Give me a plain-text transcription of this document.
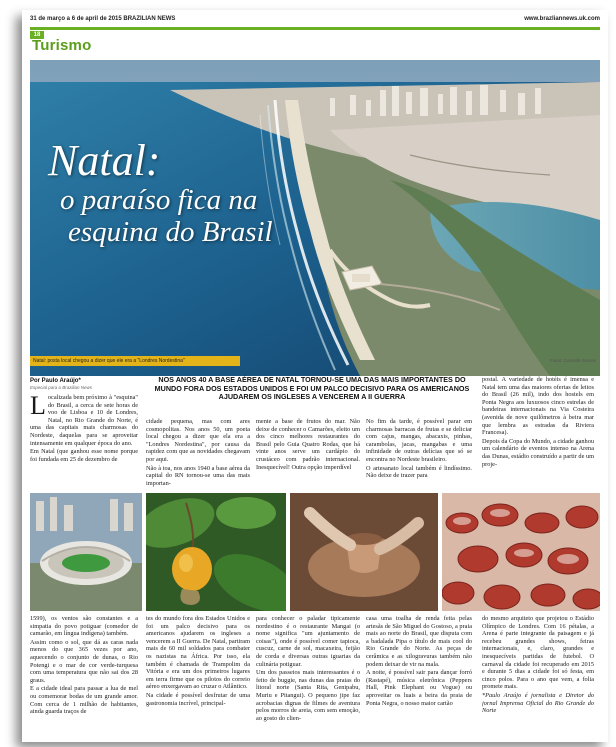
31 de março a 6 de april de 2015 BRAZILIAN NEWS	www.brazliannews.uk.com
18
Turismo
Natal:
o paraíso fica na
esquina do Brasil
Natal: posta local chegou a dizer que ele era a "Londres Nordestina"	Fotos: Canindé Soares
Por Paulo Araújo*
Especial para o Brazilian News
NOS ANOS 40 A BASE AÉREA DE NATAL TORNOU-SE UMA DAS MAIS IMPORTANTES DO MUNDO FORA DOS ESTADOS UNIDOS E FOI UM PALCO DECISIVO PARA OS AMERICANOS AJUDAREM OS INGLESES A VENCEREM A II GUERRA

Localizada bem próximo à "esquina" do Brasil, a cerca de sete horas de voo de Lisboa e 10 de Londres, Natal, no Rio Grande do Norte, é uma das capitais mais charmosas do Nordeste, daquelas para se aproveitar intensamente em qualquer época do ano.

Em Natal (que ganhou esse nome porque foi fundada em 25 de dezembro de

cidade pequena, mas com ares cosmopolitas. Nos anos 50, um poeta local chegou a dizer que ela era a "Londres Nordestina", por causa da rapidez com que as novidades chegavam por aqui.

Não à toa, nos anos 1940 a base aérea da capital do RN tornou-se uma das mais importan-

mente a base de frutos do mar. Não deixe de conhecer o Camarões, eleito um dos cinco melhores restaurantes do Brasil pelo Guia Quatro Rodas, que há vinte anos serve um cardápio do crustáceo com padrão internacional. Inesquecível! Outra opção imperdível

No fim da tarde, é possível parar em charmosas barracas de frutas e se deliciar com cajus, mangas, abacaxis, pinhas, carambolas, jacas, mangabas e uma infinidade de outras delícias que só se encontra no Nordeste brasileiro.

O artesanato local também é lindíssimo. Não deixe de trazer para

postal. A variedade de hotéis é imensa e Natal tem uma das maiores ofertas de leitos do Brasil (26 mil), indo dos hostels em Ponta Negra aos luxuosos cinco estrelas de bandeiras internacionais na Via Costeira (avenida de nove quilômetros à beira mar que lembra as estradas da Riviera Francesa).

Depois da Copa do Mundo, a cidade ganhou um calendário de eventos intenso na Arena das Dunas, estádio construído a partir de um proje-

1599), os ventos são constantes e a simpatia do povo potiguar (comedor de camarão, em língua indígena) também.

Assim como o sol, que dá as caras nada menos do que 365 vezes por ano, aquecendo o conjunto de dunas, o Rio Potengi e o mar de cor verde-turquesa com uma temperatura que não sai dos 28 graus.

E a cidade ideal para passar a lua de mel ou comemorar bodas de um grande amor. Com cerca de 1 milhão de habitantes, ainda guarda traços de

tes do mundo fora dos Estados Unidos e foi um palco decisivo para os americanos ajudarem os ingleses a vencerem a II Guerra. De Natal, partiram mais de 60 mil soldados para combater os nazistas na África. Por isso, ela também é chamada de Trampolim da Vitória e era um dos primeiros lugares em terra firme que os pilotos do correio aéreo enxergavam ao cruzar o Atlântico.

Na cidade é possível desfrutar de uma gastronomia incrível, principal-

para conhecer o paladar tipicamente nordestino é o restaurante Mangai (o nome significa "um ajuntamento de coisas"), onde é possível comer tapioca, cuscuz, carne de sol, macaxeira, feijão de corda e diversas outras iguarias da culinária potiguar.

Um dos passeios mais interessantes é o feito de buggie, nas dunas das praias do litoral norte (Santa Rita, Genipabu, Muriu e Pitangui). O pequeno jipe faz acrobacias dignas de filmes de aventura pelos morros de areia, com sem emoção, ao gosto do clien-

casa uma toalha de renda feita pelas artesãs de São Miguel do Gostoso, a praia mais ao norte do Brasil, que disputa com a badalada Pipa o título de mais cool do Rio Grande do Norte. As peças de cerâmica e as xilogravuras também não podem deixar de vir na mala.

A noite, é possível sair para dançar forró (Rastapé), música eletrônica (Peppers Hall, Pink Elephant ou Vogue) ou aproveitar os luais a beira da praia de Ponta Negra, o nosso maior cartão

do mesmo arquiteto que projetou o Estádio Olímpico de Londres. Com 16 pétalas, a Arena é parte integrante da paisagem e já recebeu grandes shows, feiras internacionais, e, claro, grandes e inesquecíveis partidas de futebol. O carnaval da cidade foi recuperado em 2015 e durante 5 dias a cidade foi só festa, em cinco polos. Para o ano que vem, a folia promete mais.

*Paulo Araújo é jornalista e Diretor do jornal Imprensa Oficial do Rio Grande do Norte
